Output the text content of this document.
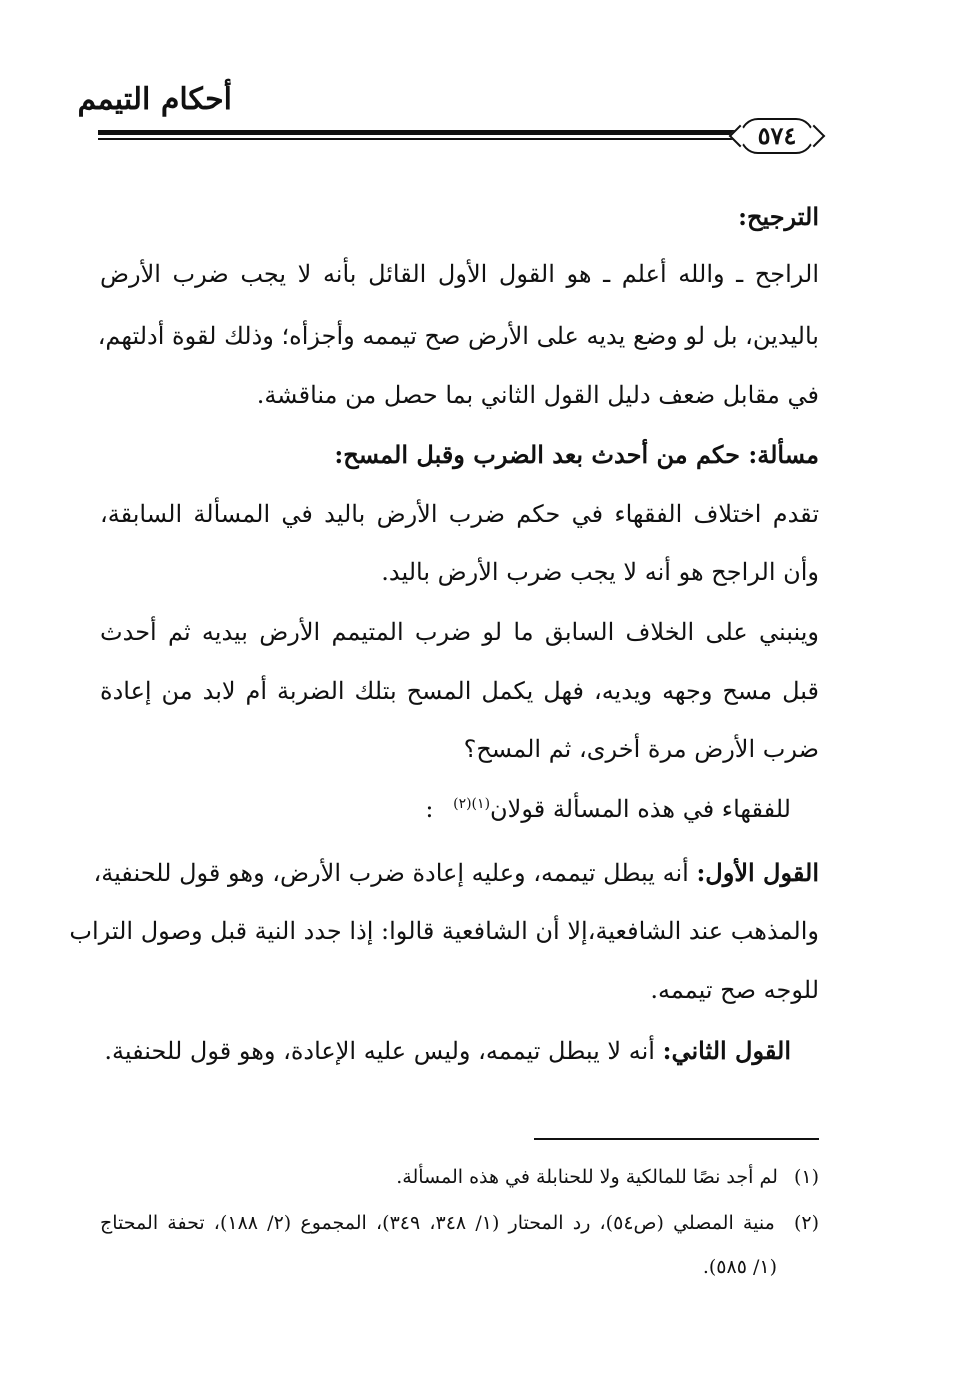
أحكام التيمم
٥٧٤
الترجيح:
الراجح ـ والله أعلم ـ هو القول الأول القائل بأنه لا يجب ضرب الأرض
باليدين، بل لو وضع يديه على الأرض صح تيممه وأجزأه؛ وذلك لقوة أدلتهم،
في مقابل ضعف دليل القول الثاني بما حصل من مناقشة.
مسألة: حكم من أحدث بعد الضرب وقبل المسح:
تقدم اختلاف الفقهاء في حكم ضرب الأرض باليد في المسألة السابقة،
وأن الراجح هو أنه لا يجب ضرب الأرض باليد.
وينبني على الخلاف السابق ما لو ضرب المتيمم الأرض بيديه ثم أحدث
قبل مسح وجهه ويديه، فهل يكمل المسح بتلك الضربة أم لابد من إعادة
ضرب الأرض مرة أخرى، ثم المسح؟
للفقهاء في هذه المسألة قولان$^{(١)(٢)}$ :
القول الأول: أنه يبطل تيممه، وعليه إعادة ضرب الأرض، وهو قول للحنفية،
والمذهب عند الشافعية،إلا أن الشافعية قالوا: إذا جدد النية قبل وصول التراب
للوجه صح تيممه.
القول الثاني: أنه لا يبطل تيممه، وليس عليه الإعادة، وهو قول للحنفية.
(١) لم أجد نصًا للمالكية ولا للحنابلة في هذه المسألة.
(٢) منية المصلي (ص٥٤)، رد المحتار (١/ ٣٤٨، ٣٤٩)، المجموع (٢/ ١٨٨)، تحفة المحتاج
(١/ ٥٨٥).
